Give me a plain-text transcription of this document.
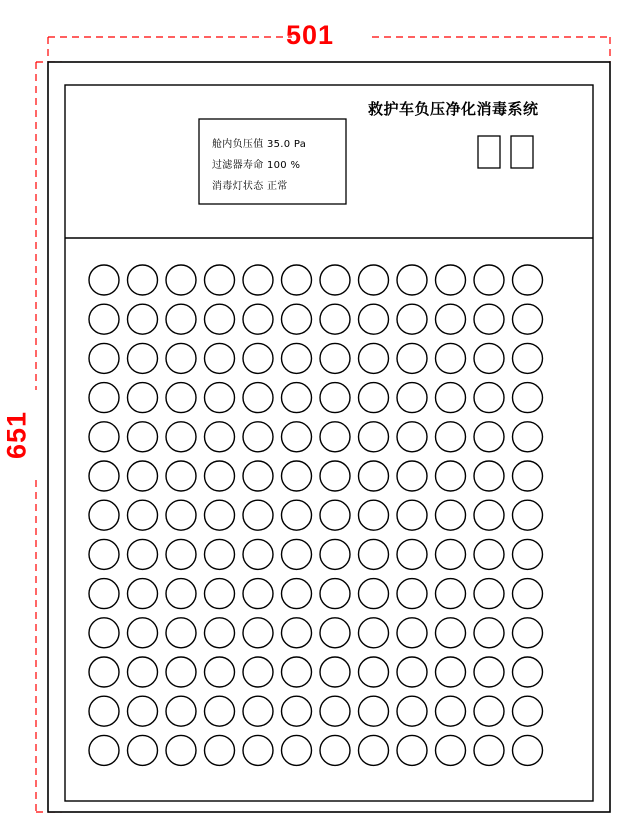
501
651
救护车负压净化消毒系统
舱内负压值 35.0 Pa
过滤器寿命 100 %
消毒灯状态 正常
